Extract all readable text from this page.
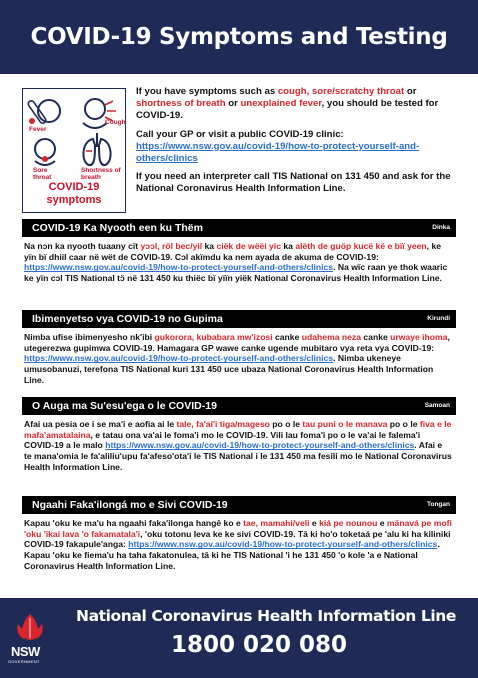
COVID-19 Symptoms and Testing
Fever
Cough
Sore throat
Shortness of breath
COVID-19
symptoms

If you have symptoms such as cough, sore/scratchy throat or shortness of breath or unexplained fever, you should be tested for COVID-19.

Call your GP or visit a public COVID-19 clinic: https://www.nsw.gov.au/covid-19/how-to-protect-yourself-and-others/clinics

If you need an interpreter call TIS National on 131 450 and ask for the National Coronavirus Health Information Line.

COVID-19 Ka Nyooth een ku Thëm	Dinka
Na nɔn ka nyooth tuaany cït yɔɔl, röl bec/yil ka ciëk de wëëi yic ka alëth de guöp kucë kë e bïï yeen, ke yïn bï dhiil caar në wët de COVID-19. Cɔl akïmdu ka nem ayada de akuma de COVID-19: https://www.nsw.gov.au/covid-19/how-to-protect-yourself-and-others/clinics. Na wïc raan ye thok waaric ke yïn cɔl TIS National tɔ̈ në 131 450 ku thiëc bï yïïn yiëk National Coronavirus Health Information Line.
Ibimenyetso vya COVID-19 no Gupima	Kirundi
Nimba ufise ibimenyesho nk'ibi gukorora, kubabara mw'izosi canke udahema neza canke urwaye ihoma, utegerezwa gupimwa COVID-19. Hamagara GP wawe canke ugende mubitaro vya reta vya COVID-19: https://www.nsw.gov.au/covid-19/how-to-protect-yourself-and-others/clinics. Nimba ukeneye umusobanuzi, terefona TIS National kuri 131 450 uce ubaza National Coronavirus Health Information Line.
O Auga ma Su'esu'ega o le COVID-19	Samoan
Afai ua pesia oe i se ma'i e aofia ai le tale, fa'ai'i tiga/mageso po o le tau puni o le manava po o le fiva e le mafa'amatalaina, e tatau ona va'ai le foma'i mo le COVID-19. Vili lau foma'i po o le va'ai le falema'i COVID-19 a le malo https://www.nsw.gov.au/covid-19/how-to-protect-yourself-and-others/clinics. Afai e te mana'omia le fa'aliliu'upu fa'afeso'ota'i le TIS National i le 131 450 ma fesili mo le National Coronavirus Health Information Line.
Ngaahi Faka'ilongá mo e Sivi COVID-19	Tongan
Kapau 'oku ke ma'u ha ngaahi faka'ilonga hangē ko e tae, mamahi/veli e kiá pe nounou e mānavá pe mofi 'oku 'ikai lava 'o fakamatala'i, 'oku totonu leva ke ke sivi COVID-19. Tā ki ho'o toketaá pe 'alu ki ha kiliniki COVID-19 fakapule'anga: https://www.nsw.gov.au/covid-19/how-to-protect-yourself-and-others/clinics. Kapau 'oku ke fiema'u ha taha fakatonulea, tā ki he TIS National 'i he 131 450 'o kole 'a e National Coronavirus Health Information Line.
NSW
GOVERNMENT
National Coronavirus Health Information Line
1800 020 080
